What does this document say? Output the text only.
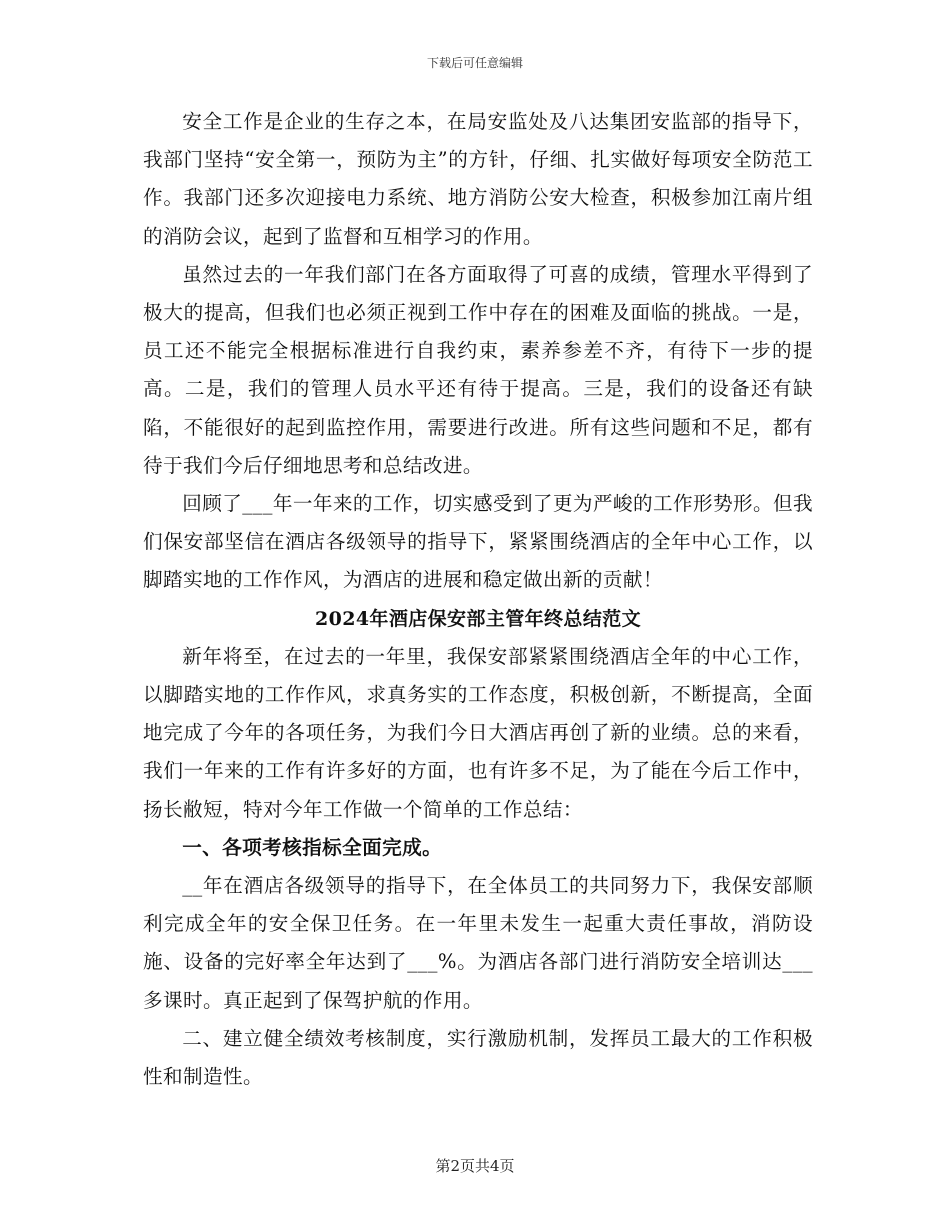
下载后可任意编辑

安全工作是企业的生存之本，在局安监处及八达集团安监部的指导下，我部门坚持“安全第一，预防为主”的方针，仔细、扎实做好每项安全防范工作。我部门还多次迎接电力系统、地方消防公安大检查，积极参加江南片组的消防会议，起到了监督和互相学习的作用。

虽然过去的一年我们部门在各方面取得了可喜的成绩，管理水平得到了极大的提高，但我们也必须正视到工作中存在的困难及面临的挑战。一是，员工还不能完全根据标准进行自我约束，素养参差不齐，有待下一步的提高。二是，我们的管理人员水平还有待于提高。三是，我们的设备还有缺陷，不能很好的起到监控作用，需要进行改进。所有这些问题和不足，都有待于我们今后仔细地思考和总结改进。

回顾了___年一年来的工作，切实感受到了更为严峻的工作形势形。但我们保安部坚信在酒店各级领导的指导下，紧紧围绕酒店的全年中心工作，以脚踏实地的工作作风，为酒店的进展和稳定做出新的贡献！

2024年酒店保安部主管年终总结范文

新年将至，在过去的一年里，我保安部紧紧围绕酒店全年的中心工作，以脚踏实地的工作作风，求真务实的工作态度，积极创新，不断提高，全面地完成了今年的各项任务，为我们今日大酒店再创了新的业绩。总的来看，我们一年来的工作有许多好的方面，也有许多不足，为了能在今后工作中，扬长敝短，特对今年工作做一个简单的工作总结：

一、各项考核指标全面完成。

__年在酒店各级领导的指导下，在全体员工的共同努力下，我保安部顺利完成全年的安全保卫任务。在一年里未发生一起重大责任事故，消防设施、设备的完好率全年达到了___%。为酒店各部门进行消防安全培训达___多课时。真正起到了保驾护航的作用。

二、建立健全绩效考核制度，实行激励机制，发挥员工最大的工作积极性和制造性。

第2页共4页
